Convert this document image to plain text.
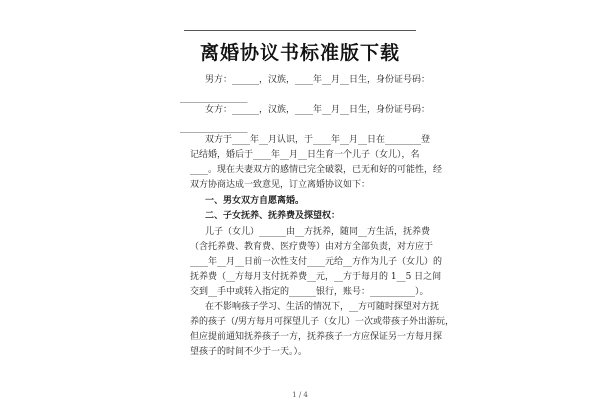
离婚协议书标准版下载
男方：______，汉族，____年__月__日生，身份证号码：
_______________
女方：______，汉族，____年__月__日生，身份证号码：
_______________
双方于____年__月认识，于____年__月__日在________登
记结婚，婚后于____年__月__日生育一个儿子（女儿），名
____。现在夫妻双方的感情已完全破裂，已无和好的可能性，经
双方协商达成一致意见，订立离婚协议如下：
一、男女双方自愿离婚。
二、子女抚养、抚养费及探望权：
儿子（女儿）______由__方抚养，随同__方生活，抚养费
（含托养费、教育费、医疗费等）由对方全部负责，对方应于
____年__月__日前一次性支付____元给__方作为儿子（女儿）的
抚养费（__方每月支付抚养费__元，__方于每月的 1__5 日之间
交到__手中或转入指定的______银行，账号：__________）。
在不影响孩子学习、生活的情况下，__方可随时探望对方抚
养的孩子（/男方每月可探望儿子（女儿）一次或带孩子外出游玩，
但应提前通知抚养孩子一方，抚养孩子一方应保证另一方每月探
望孩子的时间不少于一天。）。
1 / 4
